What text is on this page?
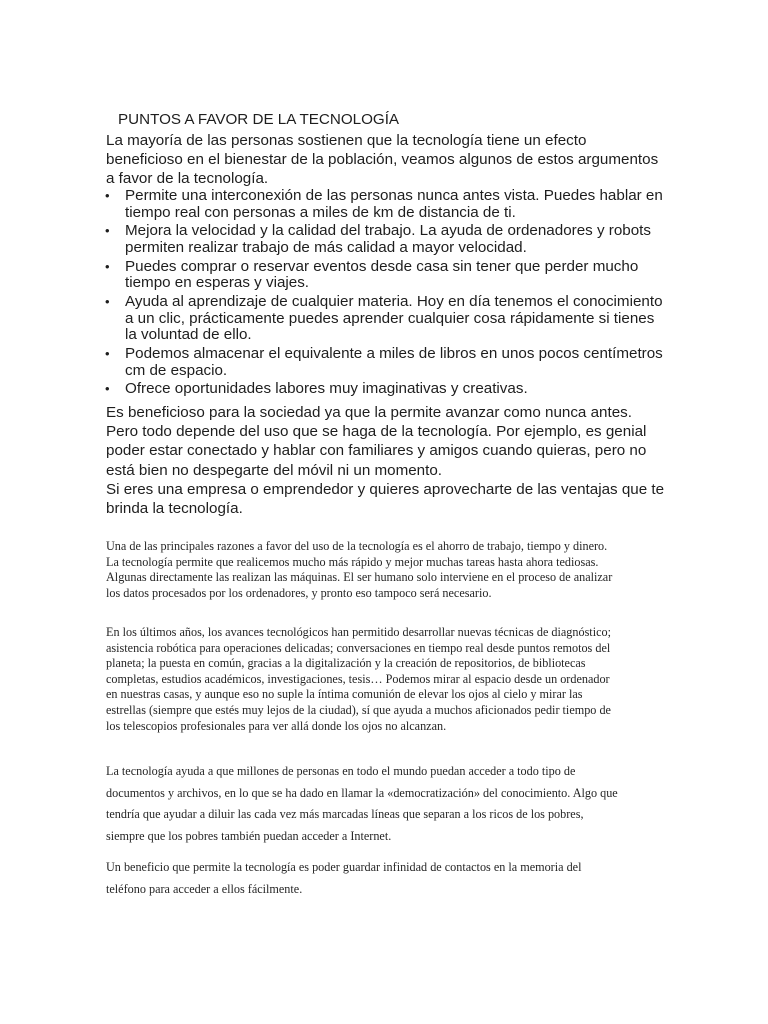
PUNTOS A FAVOR DE LA TECNOLOGÍA
La mayoría de las personas sostienen que la tecnología tiene un efecto
beneficioso en el bienestar de la población, veamos algunos de estos argumentos
a favor de la tecnología.
• Permite una interconexión de las personas nunca antes vista. Puedes hablar en
tiempo real con personas a miles de km de distancia de ti.
• Mejora la velocidad y la calidad del trabajo. La ayuda de ordenadores y robots
permiten realizar trabajo de más calidad a mayor velocidad.
• Puedes comprar o reservar eventos desde casa sin tener que perder mucho
tiempo en esperas y viajes.
• Ayuda al aprendizaje de cualquier materia. Hoy en día tenemos el conocimiento
a un clic, prácticamente puedes aprender cualquier cosa rápidamente si tienes
la voluntad de ello.
• Podemos almacenar el equivalente a miles de libros en unos pocos centímetros
cm de espacio.
• Ofrece oportunidades labores muy imaginativas y creativas.
Es beneficioso para la sociedad ya que la permite avanzar como nunca antes.
Pero todo depende del uso que se haga de la tecnología. Por ejemplo, es genial
poder estar conectado y hablar con familiares y amigos cuando quieras, pero no
está bien no despegarte del móvil ni un momento.
Si eres una empresa o emprendedor y quieres aprovecharte de las ventajas que te
brinda la tecnología.
Una de las principales razones a favor del uso de la tecnología es el ahorro de trabajo, tiempo y dinero.
La tecnología permite que realicemos mucho más rápido y mejor muchas tareas hasta ahora tediosas.
Algunas directamente las realizan las máquinas. El ser humano solo interviene en el proceso de analizar
los datos procesados por los ordenadores, y pronto eso tampoco será necesario.
En los últimos años, los avances tecnológicos han permitido desarrollar nuevas técnicas de diagnóstico;
asistencia robótica para operaciones delicadas; conversaciones en tiempo real desde puntos remotos del
planeta; la puesta en común, gracias a la digitalización y la creación de repositorios, de bibliotecas
completas, estudios académicos, investigaciones, tesis… Podemos mirar al espacio desde un ordenador
en nuestras casas, y aunque eso no suple la íntima comunión de elevar los ojos al cielo y mirar las
estrellas (siempre que estés muy lejos de la ciudad), sí que ayuda a muchos aficionados pedir tiempo de
los telescopios profesionales para ver allá donde los ojos no alcanzan.
La tecnología ayuda a que millones de personas en todo el mundo puedan acceder a todo tipo de
documentos y archivos, en lo que se ha dado en llamar la «democratización» del conocimiento. Algo que
tendría que ayudar a diluir las cada vez más marcadas líneas que separan a los ricos de los pobres,
siempre que los pobres también puedan acceder a Internet.
Un beneficio que permite la tecnología es poder guardar infinidad de contactos en la memoria del
teléfono para acceder a ellos fácilmente.
